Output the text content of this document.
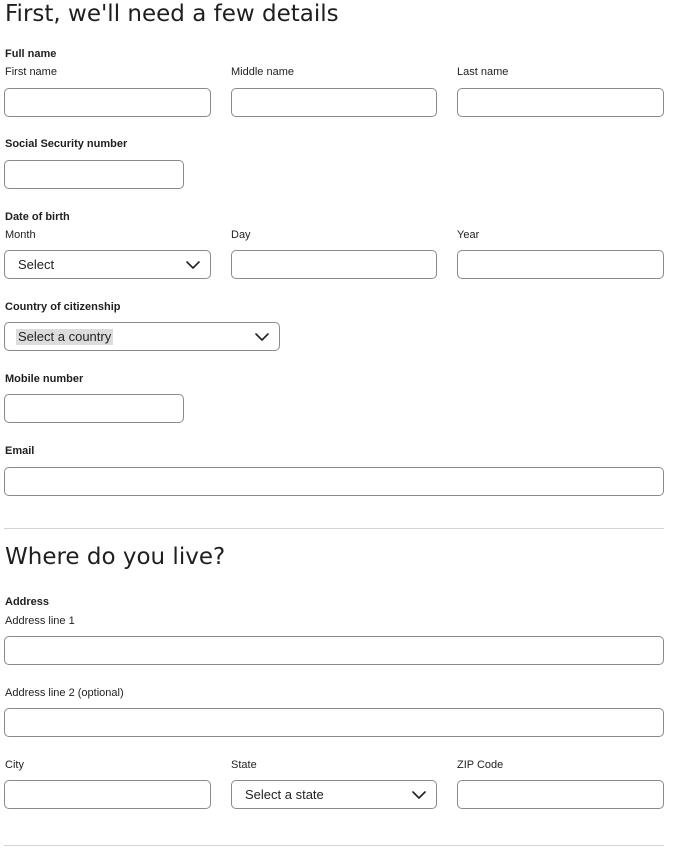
First, we'll need a few details
Full name
First name	Middle name	Last name
Social Security number
Date of birth
Month	Day	Year
Select
Country of citizenship
Select a country
Mobile number
Email
Where do you live?
Address
Address line 1
Address line 2 (optional)
City	State	ZIP Code
Select a state
